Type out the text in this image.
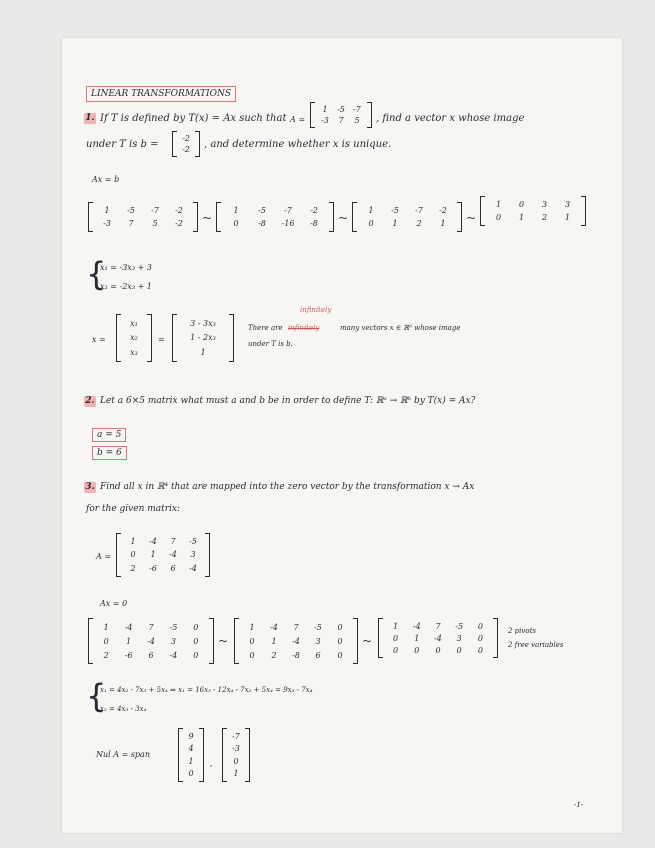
LINEAR TRANSFORMATIONS
1. If T is defined by T(x) = Ax such that A =
1 -5 -7
-3 7 5 , find a vector x whose image
under T is b =
-2
-2 , and determine whether x is unique.
Ax = b
1 -5 -7 -2
-3 7 5 -2 ~
1 -5 -7 -2
0 -8 -16 -8 ~
1 -5 -7 -2
0 1 2 1 ~
1 0 3 3
0 1 2 1
{
x₁ = -3x₃ + 3
x₂ = -2x₃ + 1
x =
x₁
x₂
x₃
=
3 - 3x₃
1 - 2x₃
1
infinitely
There are infinitely	many vectors x ∈ ℝ³ whose image
under T is b.
2. Let a 6×5 matrix what must a and b be in order to define T: ℝᵃ → ℝᵇ by T(x) = Ax?
a = 5
b = 6
3. Find all x in ℝ⁴ that are mapped into the zero vector by the transformation x → Ax
for the given matrix:
A =
1 -4 7 -5
0 1 -4 3
2 -6 6 -4
Ax = 0
1 -4 7 -5 0
0 1 -4 3 0
2 -6 6 -4 0
~
1 -4 7 -5 0
0 1 -4 3 0
0 2 -8 6 0
~
1 -4 7 -5 0
0 1 -4 3 0
0 0 0 0 0
2 pivots
2 free variables
{
x₁ = 4x₂ - 7x₃ + 5x₄ ⇒ x₁ = 16x₃ - 12x₄ - 7x₃ + 5x₄ = 9x₃ - 7x₄
x₂ = 4x₃ - 3x₄
Nul A = span
9
4
1
0
,
-7
-3
0
1
-1-
